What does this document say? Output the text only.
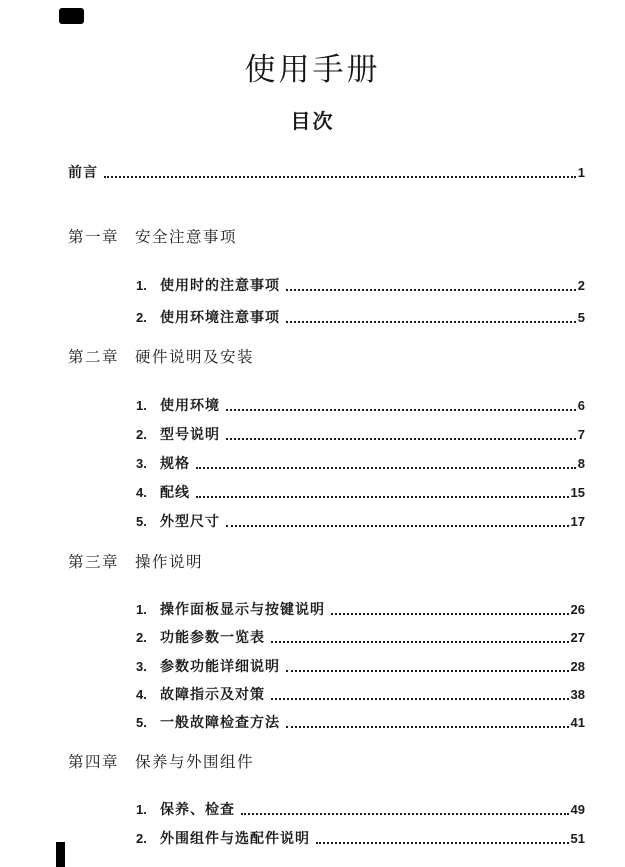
使用手册
目次
前言	1
第一章 安全注意事项
1. 使用时的注意事项	2
2. 使用环境注意事项	5
第二章 硬件说明及安装
1. 使用环境	6
2. 型号说明	7
3. 规格	8
4. 配线	15
5. 外型尺寸	17
第三章 操作说明
1. 操作面板显示与按键说明	26
2. 功能参数一览表	27
3. 参数功能详细说明	28
4. 故障指示及对策	38
5. 一般故障检查方法	41
第四章 保养与外围组件
1. 保养、检查	49
2. 外围组件与选配件说明	51
